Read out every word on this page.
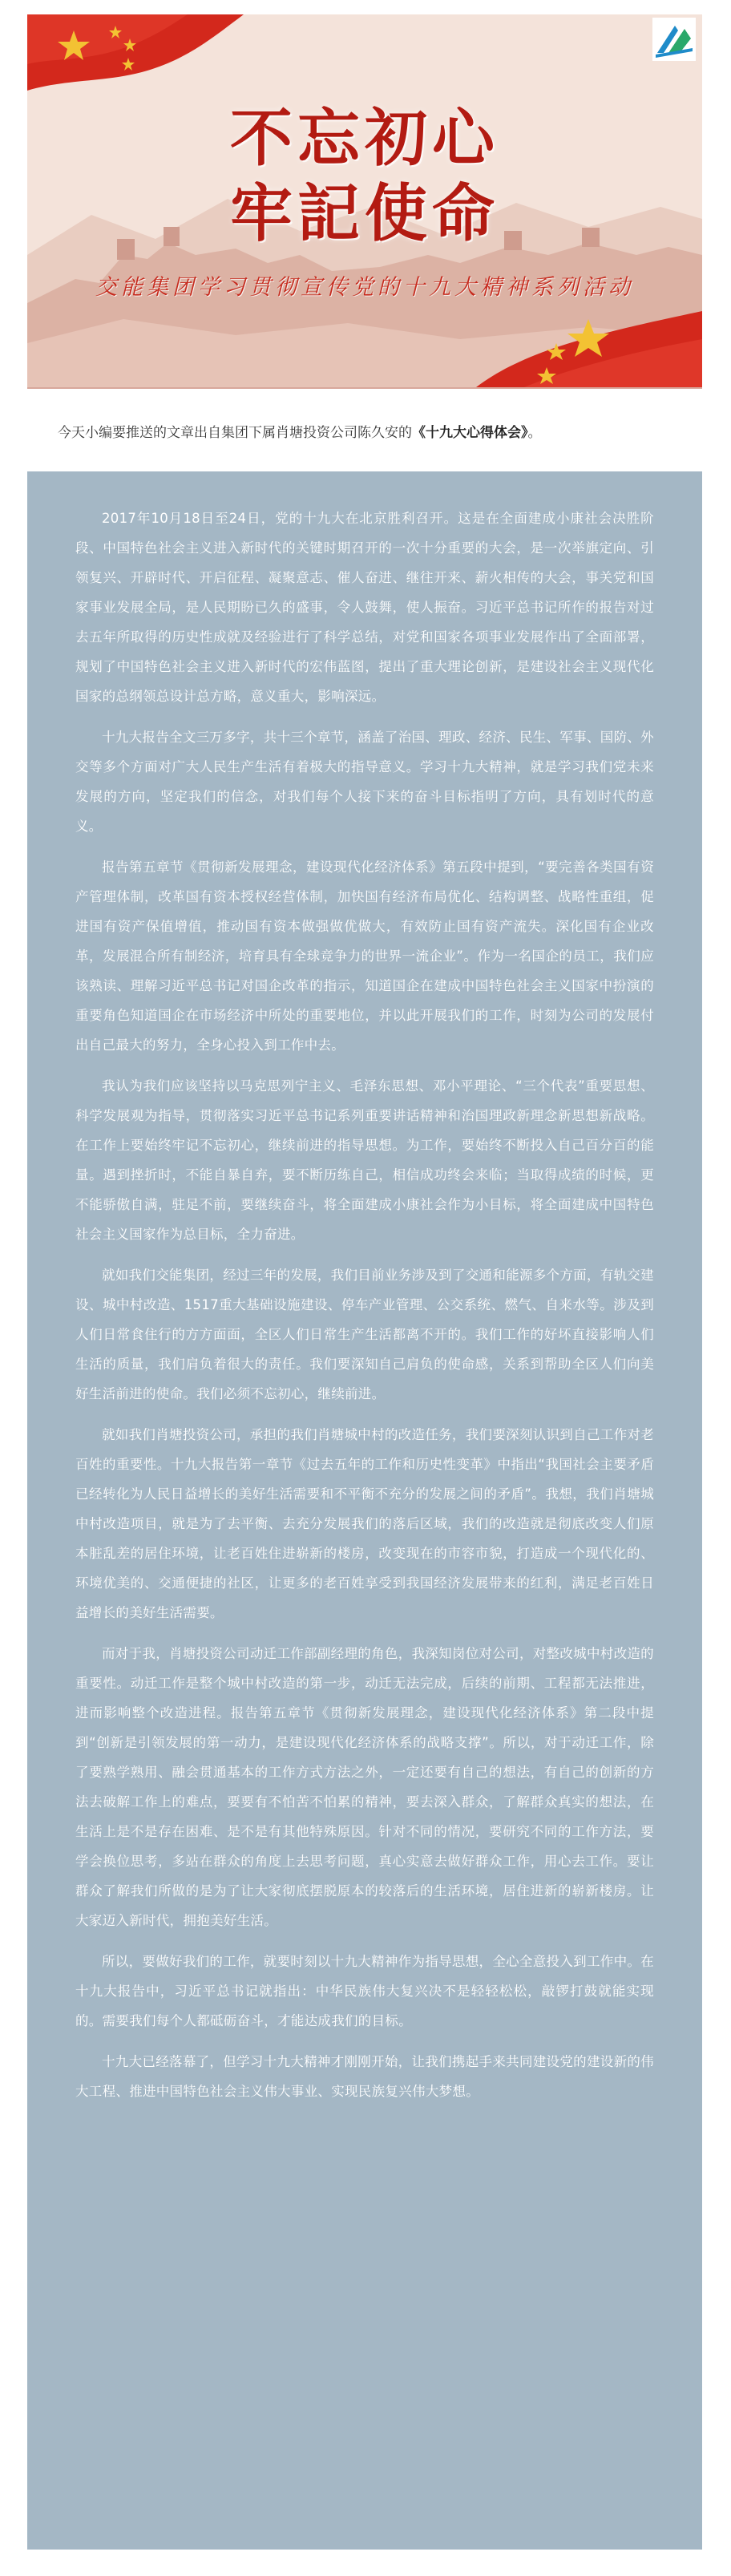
不忘初心
牢記使命
交能集团学习贯彻宣传党的十九大精神系列活动
今天小编要推送的文章出自集团下属肖塘投资公司陈久安的《十九大心得体会》。

2017年10月18日至24日，党的十九大在北京胜利召开。这是在全面建成小康社会决胜阶段、中国特色社会主义进入新时代的关键时期召开的一次十分重要的大会，是一次举旗定向、引领复兴、开辟时代、开启征程、凝聚意志、催人奋进、继往开来、薪火相传的大会，事关党和国家事业发展全局，是人民期盼已久的盛事，令人鼓舞，使人振奋。习近平总书记所作的报告对过去五年所取得的历史性成就及经验进行了科学总结，对党和国家各项事业发展作出了全面部署，规划了中国特色社会主义进入新时代的宏伟蓝图，提出了重大理论创新，是建设社会主义现代化国家的总纲领总设计总方略，意义重大，影响深远。

十九大报告全文三万多字，共十三个章节，涵盖了治国、理政、经济、民生、军事、国防、外交等多个方面对广大人民生产生活有着极大的指导意义。学习十九大精神，就是学习我们党未来发展的方向，坚定我们的信念，对我们每个人接下来的奋斗目标指明了方向，具有划时代的意义。

报告第五章节《贯彻新发展理念，建设现代化经济体系》第五段中提到，“要完善各类国有资产管理体制，改革国有资本授权经营体制，加快国有经济布局优化、结构调整、战略性重组，促进国有资产保值增值，推动国有资本做强做优做大，有效防止国有资产流失。深化国有企业改革，发展混合所有制经济，培育具有全球竞争力的世界一流企业”。作为一名国企的员工，我们应该熟读、理解习近平总书记对国企改革的指示，知道国企在建成中国特色社会主义国家中扮演的重要角色知道国企在市场经济中所处的重要地位，并以此开展我们的工作，时刻为公司的发展付出自己最大的努力，全身心投入到工作中去。

我认为我们应该坚持以马克思列宁主义、毛泽东思想、邓小平理论、“三个代表”重要思想、科学发展观为指导，贯彻落实习近平总书记系列重要讲话精神和治国理政新理念新思想新战略。在工作上要始终牢记不忘初心，继续前进的指导思想。为工作，要始终不断投入自己百分百的能量。遇到挫折时，不能自暴自弃，要不断历练自己，相信成功终会来临；当取得成绩的时候，更不能骄傲自满，驻足不前，要继续奋斗，将全面建成小康社会作为小目标，将全面建成中国特色社会主义国家作为总目标，全力奋进。

就如我们交能集团，经过三年的发展，我们目前业务涉及到了交通和能源多个方面，有轨交建设、城中村改造、1517重大基础设施建设、停车产业管理、公交系统、燃气、自来水等。涉及到人们日常食住行的方方面面，全区人们日常生产生活都离不开的。我们工作的好坏直接影响人们生活的质量，我们肩负着很大的责任。我们要深知自己肩负的使命感，关系到帮助全区人们向美好生活前进的使命。我们必须不忘初心，继续前进。

就如我们肖塘投资公司，承担的我们肖塘城中村的改造任务，我们要深刻认识到自己工作对老百姓的重要性。十九大报告第一章节《过去五年的工作和历史性变革》中指出“我国社会主要矛盾已经转化为人民日益增长的美好生活需要和不平衡不充分的发展之间的矛盾”。我想，我们肖塘城中村改造项目，就是为了去平衡、去充分发展我们的落后区域，我们的改造就是彻底改变人们原本脏乱差的居住环境，让老百姓住进崭新的楼房，改变现在的市容市貌，打造成一个现代化的、环境优美的、交通便捷的社区，让更多的老百姓享受到我国经济发展带来的红利，满足老百姓日益增长的美好生活需要。

而对于我，肖塘投资公司动迁工作部副经理的角色，我深知岗位对公司，对整改城中村改造的重要性。动迁工作是整个城中村改造的第一步，动迁无法完成，后续的前期、工程都无法推进，进而影响整个改造进程。报告第五章节《贯彻新发展理念，建设现代化经济体系》第二段中提到“创新是引领发展的第一动力，是建设现代化经济体系的战略支撑”。所以，对于动迁工作，除了要熟学熟用、融会贯通基本的工作方式方法之外，一定还要有自己的想法，有自己的创新的方法去破解工作上的难点，要要有不怕苦不怕累的精神，要去深入群众，了解群众真实的想法，在生活上是不是存在困难、是不是有其他特殊原因。针对不同的情况，要研究不同的工作方法，要学会换位思考，多站在群众的角度上去思考问题，真心实意去做好群众工作，用心去工作。要让群众了解我们所做的是为了让大家彻底摆脱原本的较落后的生活环境，居住进新的崭新楼房。让大家迈入新时代，拥抱美好生活。

所以，要做好我们的工作，就要时刻以十九大精神作为指导思想，全心全意投入到工作中。在十九大报告中，习近平总书记就指出：中华民族伟大复兴决不是轻轻松松，敲锣打鼓就能实现的。需要我们每个人都砥砺奋斗，才能达成我们的目标。

十九大已经落幕了，但学习十九大精神才刚刚开始，让我们携起手来共同建设党的建设新的伟大工程、推进中国特色社会主义伟大事业、实现民族复兴伟大梦想。
